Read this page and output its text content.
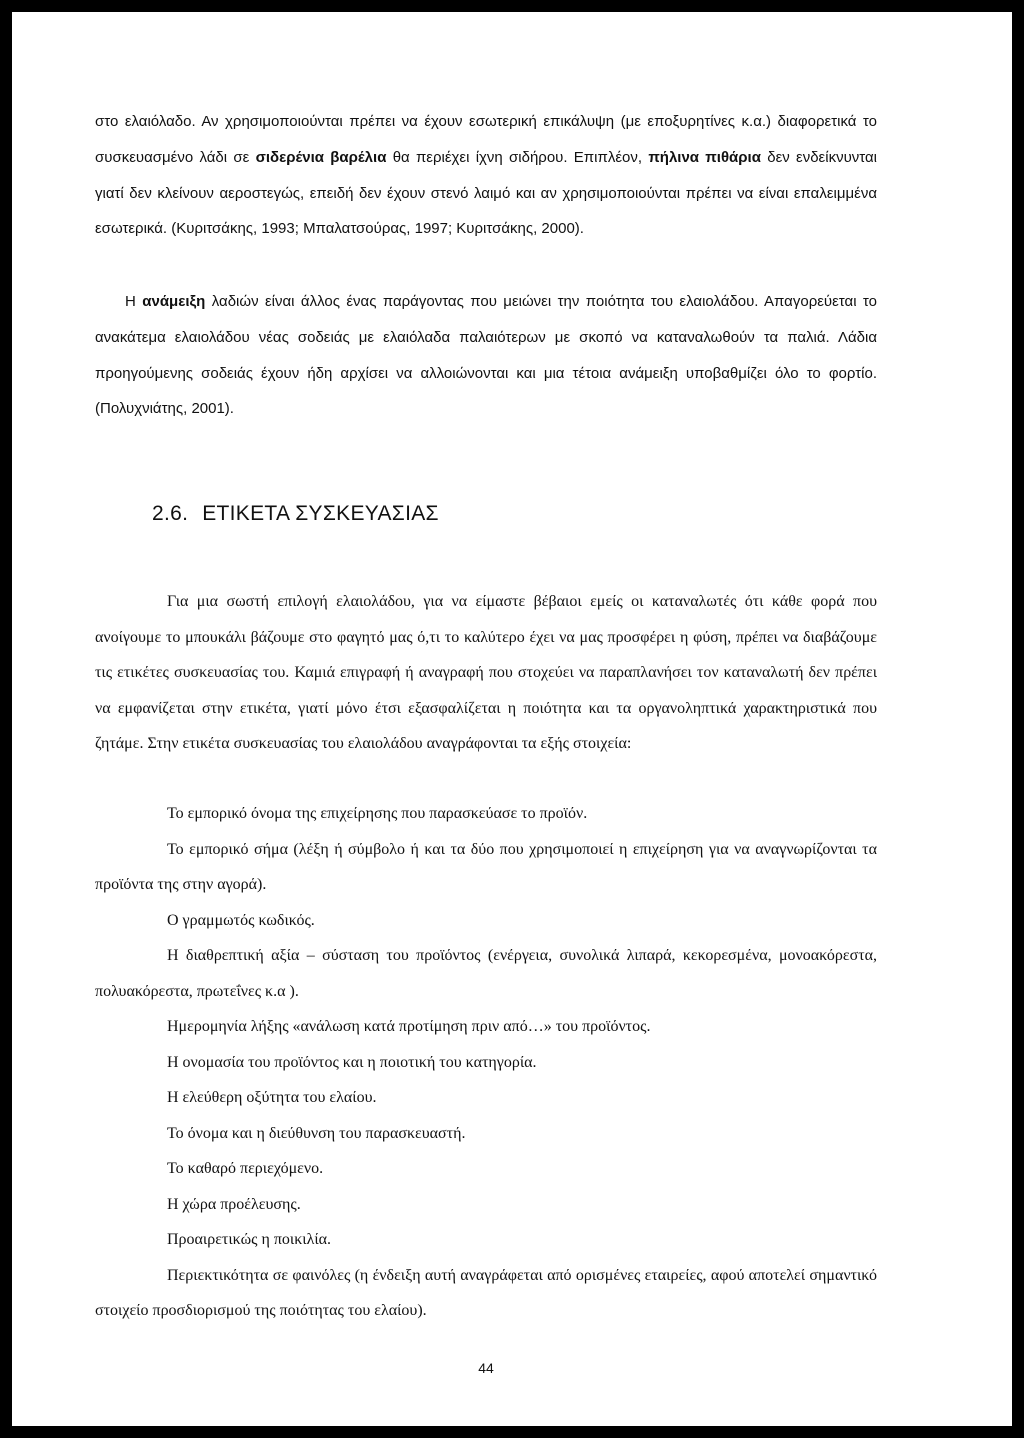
στο ελαιόλαδο. Αν χρησιμοποιούνται πρέπει να έχουν εσωτερική επικάλυψη (με εποξυρητίνες κ.α.) διαφορετικά το συσκευασμένο λάδι σε σιδερένια βαρέλια θα περιέχει ίχνη σιδήρου. Επιπλέον, πήλινα πιθάρια δεν ενδείκνυνται γιατί δεν κλείνουν αεροστεγώς, επειδή δεν έχουν στενό λαιμό και αν χρησιμοποιούνται πρέπει να είναι επαλειμμένα εσωτερικά. (Κυριτσάκης, 1993; Μπαλατσούρας, 1997; Κυριτσάκης, 2000).

Η ανάμειξη λαδιών είναι άλλος ένας παράγοντας που μειώνει την ποιότητα του ελαιολάδου. Απαγορεύεται το ανακάτεμα ελαιολάδου νέας σοδειάς με ελαιόλαδα παλαιότερων με σκοπό να καταναλωθούν τα παλιά. Λάδια προηγούμενης σοδειάς έχουν ήδη αρχίσει να αλλοιώνονται και μια τέτοια ανάμειξη υποβαθμίζει όλο το φορτίο. (Πολυχνιάτης, 2001).

2.6. ΕΤΙΚΕΤΑ ΣΥΣΚΕΥΑΣΙΑΣ

Για μια σωστή επιλογή ελαιολάδου, για να είμαστε βέβαιοι εμείς οι καταναλωτές ότι κάθε φορά που ανοίγουμε το μπουκάλι βάζουμε στο φαγητό μας ό,τι το καλύτερο έχει να μας προσφέρει η φύση, πρέπει να διαβάζουμε τις ετικέτες συσκευασίας του. Καμιά επιγραφή ή αναγραφή που στοχεύει να παραπλανήσει τον καταναλωτή δεν πρέπει να εμφανίζεται στην ετικέτα, γιατί μόνο έτσι εξασφαλίζεται η ποιότητα και τα οργανοληπτικά χαρακτηριστικά που ζητάμε. Στην ετικέτα συσκευασίας του ελαιολάδου αναγράφονται τα εξής στοιχεία:

Το εμπορικό όνομα της επιχείρησης που παρασκεύασε το προϊόν.
Το εμπορικό σήμα (λέξη ή σύμβολο ή και τα δύο που χρησιμοποιεί η επιχείρηση για να αναγνωρίζονται τα προϊόντα της στην αγορά).
Ο γραμμωτός κωδικός.
Η διαθρεπτική αξία – σύσταση του προϊόντος (ενέργεια, συνολικά λιπαρά, κεκορεσμένα, μονοακόρεστα, πολυακόρεστα, πρωτεΐνες κ.α ).
Ημερομηνία λήξης «ανάλωση κατά προτίμηση πριν από…» του προϊόντος.
Η ονομασία του προϊόντος και η ποιοτική του κατηγορία.
Η ελεύθερη οξύτητα του ελαίου.
Το όνομα και η διεύθυνση του παρασκευαστή.
Το καθαρό περιεχόμενο.
Η χώρα προέλευσης.
Προαιρετικώς η ποικιλία.
Περιεκτικότητα σε φαινόλες (η ένδειξη αυτή αναγράφεται από ορισμένες εταιρείες, αφού αποτελεί σημαντικό στοιχείο προσδιορισμού της ποιότητας του ελαίου).
44
